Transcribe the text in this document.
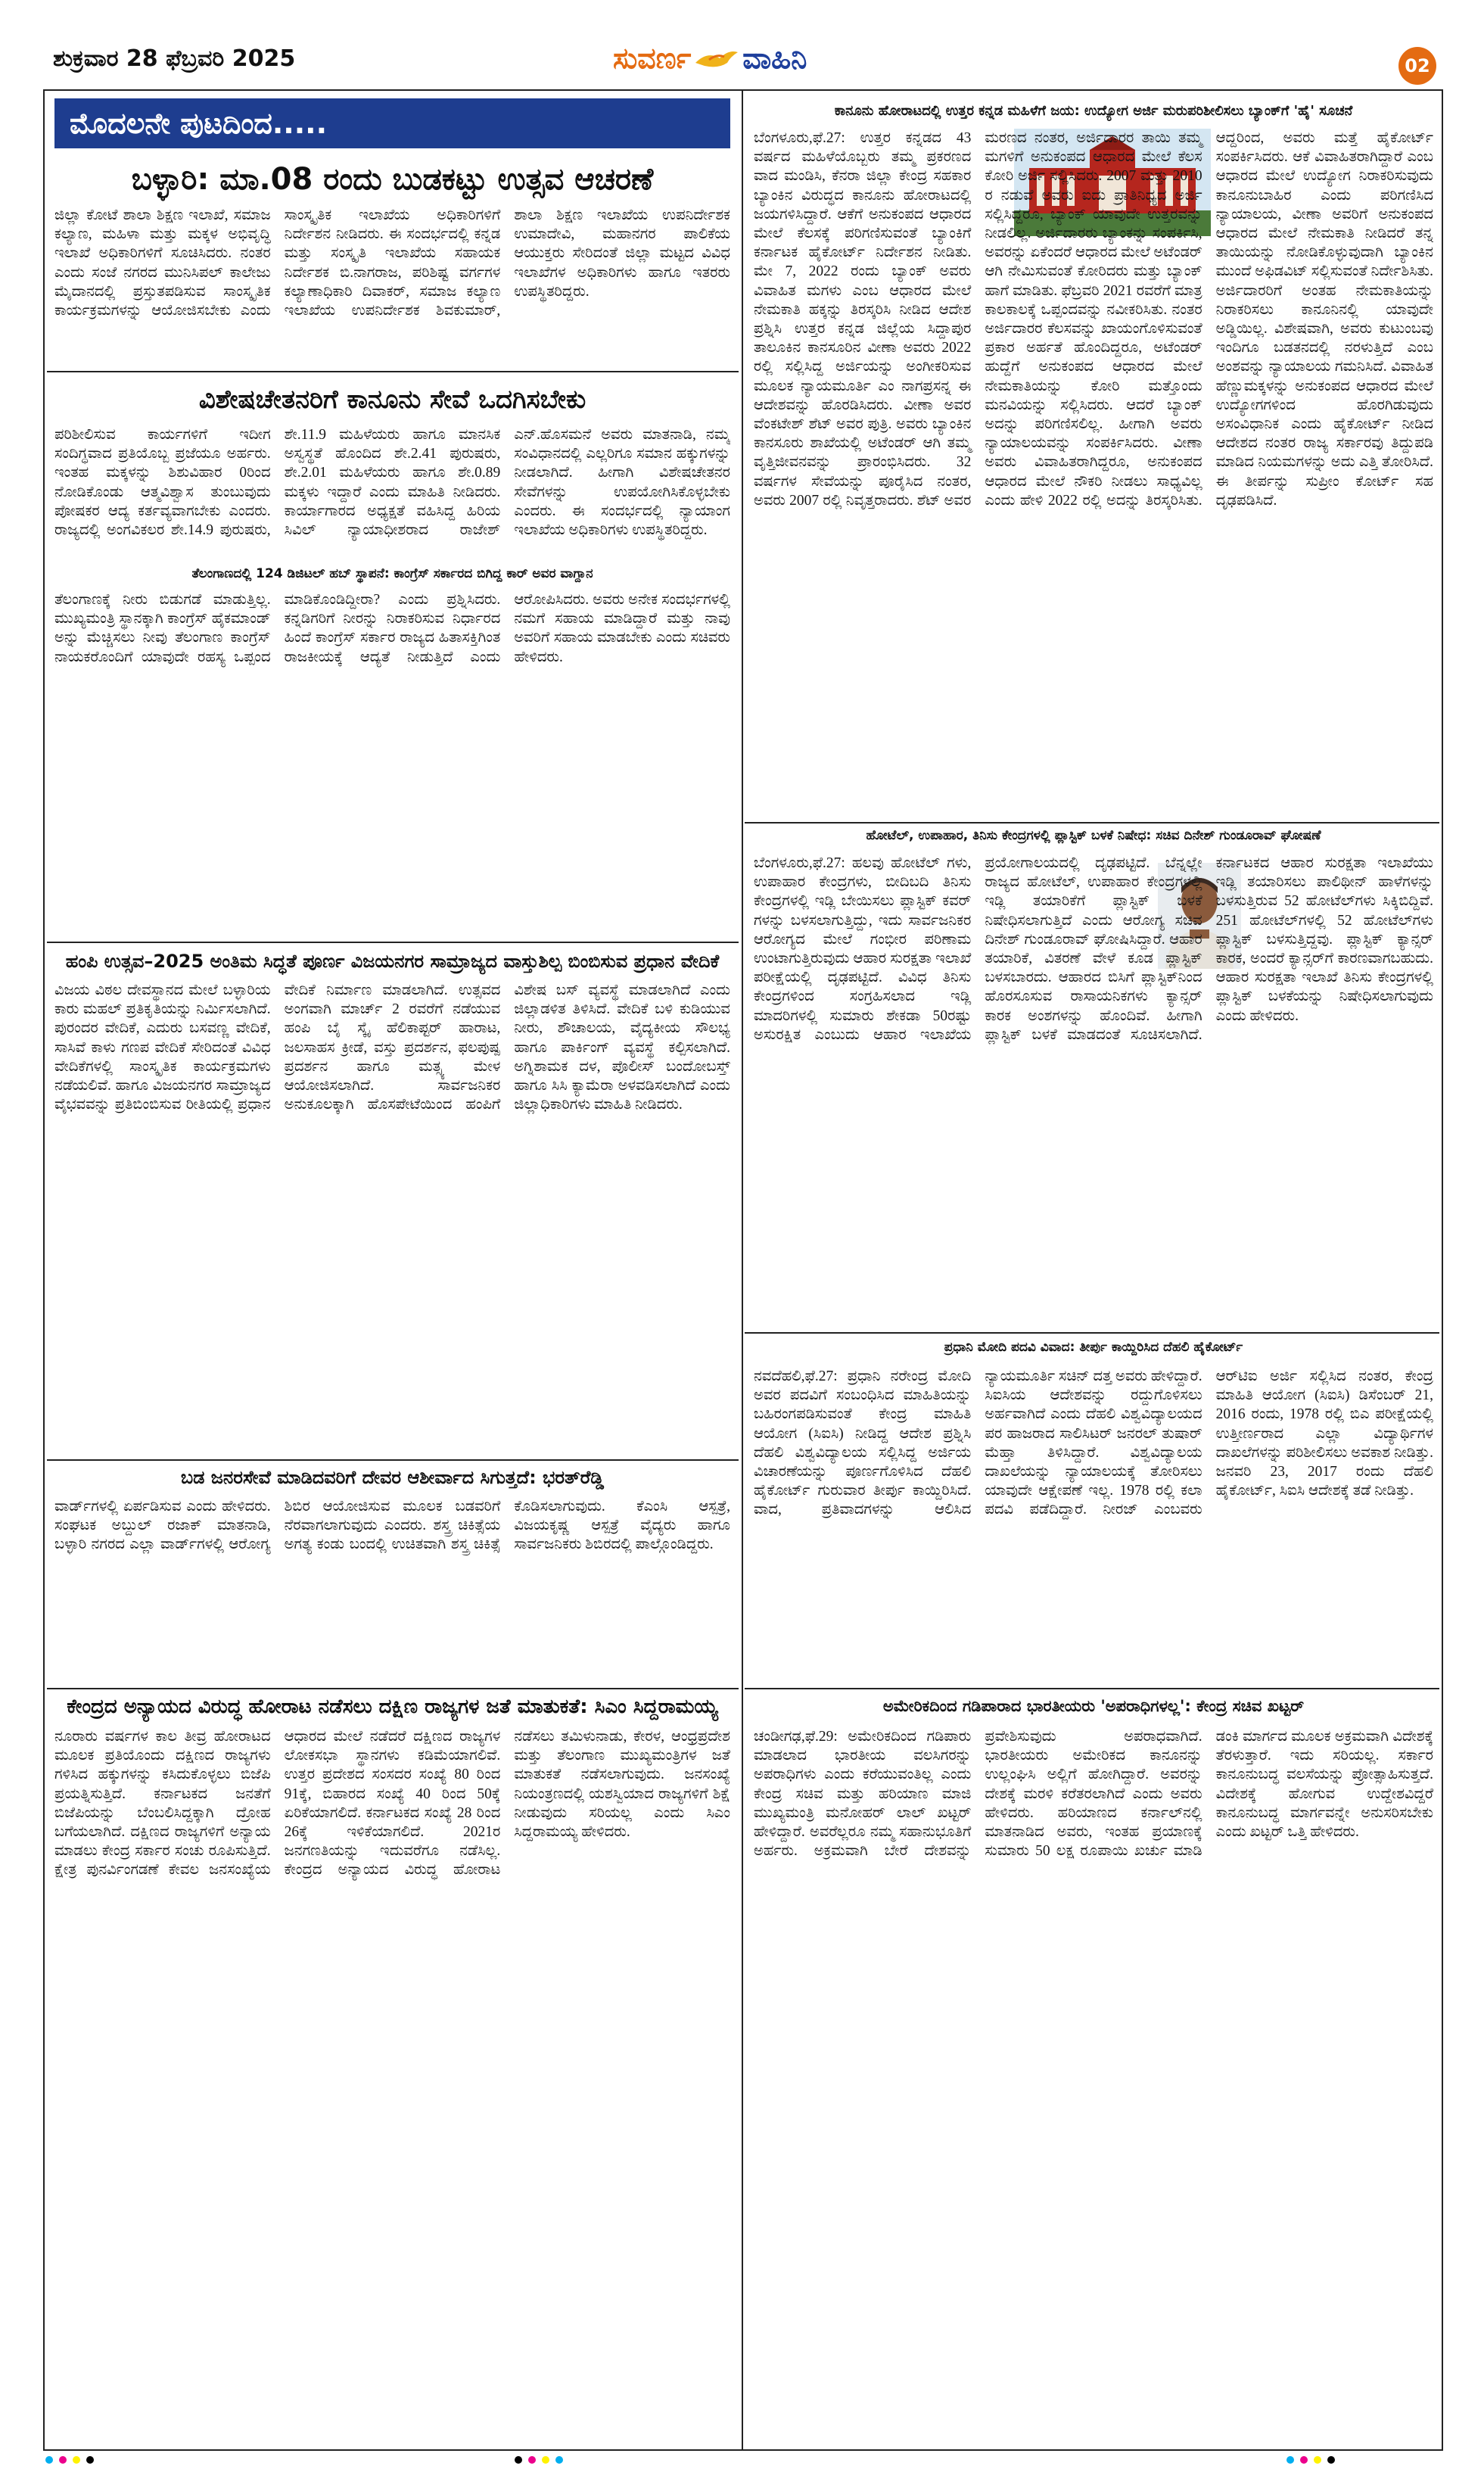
ಶುಕ್ರವಾರ 28 ಫೆಬ್ರವರಿ 2025	ಸುವರ್ಣ ವಾಹಿನಿ	02
ಮೊದಲನೇ ಪುಟದಿಂದ.....
ಬಳ್ಳಾರಿ: ಮಾ.08 ರಂದು ಬುಡಕಟ್ಟು ಉತ್ಸವ ಆಚರಣೆ
ಜಿಲ್ಲಾ ಕೋಟೆ ಶಾಲಾ ಶಿಕ್ಷಣ ಇಲಾಖೆ, ಸಮಾಜ ಕಲ್ಯಾಣ, ಮಹಿಳಾ ಮತ್ತು ಮಕ್ಕಳ ಅಭಿವೃದ್ಧಿ ಇಲಾಖೆ ಅಧಿಕಾರಿಗಳಿಗೆ ಸೂಚಿಸಿದರು. ನಂತರ ಎಂದು ಸಂಜೆ ನಗರದ ಮುನಿಸಿಪಲ್ ಕಾಲೇಜು ಮೈದಾನದಲ್ಲಿ ಪ್ರಸ್ತುತಪಡಿಸುವ ಸಾಂಸ್ಕೃತಿಕ ಕಾರ್ಯಕ್ರಮಗಳನ್ನು ಆಯೋಜಿಸಬೇಕು ಎಂದು ಸಾಂಸ್ಕೃತಿಕ ಇಲಾಖೆಯ ಅಧಿಕಾರಿಗಳಿಗೆ ನಿರ್ದೇಶನ ನೀಡಿದರು. ಈ ಸಂದರ್ಭದಲ್ಲಿ ಕನ್ನಡ ಮತ್ತು ಸಂಸ್ಕೃತಿ ಇಲಾಖೆಯ ಸಹಾಯಕ ನಿರ್ದೇಶಕ ಬಿ.ನಾಗರಾಜ, ಪರಿಶಿಷ್ಟ ವರ್ಗಗಳ ಕಲ್ಯಾಣಾಧಿಕಾರಿ ದಿವಾಕರ್, ಸಮಾಜ ಕಲ್ಯಾಣ ಇಲಾಖೆಯ ಉಪನಿರ್ದೇಶಕ ಶಿವಕುಮಾರ್, ಶಾಲಾ ಶಿಕ್ಷಣ ಇಲಾಖೆಯ ಉಪನಿರ್ದೇಶಕ ಉಮಾದೇವಿ, ಮಹಾನಗರ ಪಾಲಿಕೆಯ ಆಯುಕ್ತರು ಸೇರಿದಂತೆ ಜಿಲ್ಲಾ ಮಟ್ಟದ ವಿವಿಧ ಇಲಾಖೆಗಳ ಅಧಿಕಾರಿಗಳು ಹಾಗೂ ಇತರರು ಉಪಸ್ಥಿತರಿದ್ದರು.
ವಿಶೇಷಚೇತನರಿಗೆ ಕಾನೂನು ಸೇವೆ ಒದಗಿಸಬೇಕು
ಪರಿಶೀಲಿಸುವ ಕಾರ್ಯಗಳಿಗೆ ಇದೀಗ ಸಂದಿಗ್ಧವಾದ ಪ್ರತಿಯೊಬ್ಬ ಪ್ರಜೆಯೂ ಅರ್ಹರು. ಇಂತಹ ಮಕ್ಕಳನ್ನು ಶಿಶುವಿಹಾರ 0ರಿಂದ ನೋಡಿಕೊಂಡು ಆತ್ಮವಿಶ್ವಾಸ ತುಂಬುವುದು ಪೋಷಕರ ಆದ್ಯ ಕರ್ತವ್ಯವಾಗಬೇಕು ಎಂದರು. ರಾಜ್ಯದಲ್ಲಿ ಅಂಗವಿಕಲರ ಶೇ.14.9 ಪುರುಷರು, ಶೇ.11.9 ಮಹಿಳೆಯರು ಹಾಗೂ ಮಾನಸಿಕ ಅಸ್ವಸ್ಥತೆ ಹೊಂದಿದ ಶೇ.2.41 ಪುರುಷರು, ಶೇ.2.01 ಮಹಿಳೆಯರು ಹಾಗೂ ಶೇ.0.89 ಮಕ್ಕಳು ಇದ್ದಾರೆ ಎಂದು ಮಾಹಿತಿ ನೀಡಿದರು. ಕಾರ್ಯಾಗಾರದ ಅಧ್ಯಕ್ಷತೆ ವಹಿಸಿದ್ದ ಹಿರಿಯ ಸಿವಿಲ್ ನ್ಯಾಯಾಧೀಶರಾದ ರಾಜೇಶ್ ಎನ್.ಹೊಸಮನೆ ಅವರು ಮಾತನಾಡಿ, ನಮ್ಮ ಸಂವಿಧಾನದಲ್ಲಿ ಎಲ್ಲರಿಗೂ ಸಮಾನ ಹಕ್ಕುಗಳನ್ನು ನೀಡಲಾಗಿದೆ. ಹೀಗಾಗಿ ವಿಶೇಷಚೇತನರ ಸೇವೆಗಳನ್ನು ಉಪಯೋಗಿಸಿಕೊಳ್ಳಬೇಕು ಎಂದರು. ಈ ಸಂದರ್ಭದಲ್ಲಿ ನ್ಯಾಯಾಂಗ ಇಲಾಖೆಯ ಅಧಿಕಾರಿಗಳು ಉಪಸ್ಥಿತರಿದ್ದರು.
ತೆಲಂಗಾಣದಲ್ಲಿ 124 ಡಿಜಿಟಲ್ ಹಬ್ ಸ್ಥಾಪನೆ: ಕಾಂಗ್ರೆಸ್ ಸರ್ಕಾರದ ಬಿಗಿದ್ದ ಕಾರ್ ಅವರ ವಾಗ್ದಾನ
ತೆಲಂಗಾಣಕ್ಕೆ ನೀರು ಬಿಡುಗಡೆ ಮಾಡುತ್ತಿಲ್ಲ. ಮುಖ್ಯಮಂತ್ರಿ ಸ್ಥಾನಕ್ಕಾಗಿ ಕಾಂಗ್ರೆಸ್ ಹೈಕಮಾಂಡ್ ಅನ್ನು ಮೆಚ್ಚಿಸಲು ನೀವು ತೆಲಂಗಾಣ ಕಾಂಗ್ರೆಸ್ ನಾಯಕರೊಂದಿಗೆ ಯಾವುದೇ ರಹಸ್ಯ ಒಪ್ಪಂದ ಮಾಡಿಕೊಂಡಿದ್ದೀರಾ? ಎಂದು ಪ್ರಶ್ನಿಸಿದರು. ಕನ್ನಡಿಗರಿಗೆ ನೀರನ್ನು ನಿರಾಕರಿಸುವ ನಿರ್ಧಾರದ ಹಿಂದೆ ಕಾಂಗ್ರೆಸ್ ಸರ್ಕಾರ ರಾಜ್ಯದ ಹಿತಾಸಕ್ತಿಗಿಂತ ರಾಜಕೀಯಕ್ಕೆ ಆದ್ಯತೆ ನೀಡುತ್ತಿದೆ ಎಂದು ಆರೋಪಿಸಿದರು. ಅವರು ಅನೇಕ ಸಂದರ್ಭಗಳಲ್ಲಿ ನಮಗೆ ಸಹಾಯ ಮಾಡಿದ್ದಾರೆ ಮತ್ತು ನಾವು ಅವರಿಗೆ ಸಹಾಯ ಮಾಡಬೇಕು ಎಂದು ಸಚಿವರು ಹೇಳಿದರು.
ಹಂಪಿ ಉತ್ಸವ–2025 ಅಂತಿಮ ಸಿದ್ಧತೆ ಪೂರ್ಣ ವಿಜಯನಗರ ಸಾಮ್ರಾಜ್ಯದ ವಾಸ್ತುಶಿಲ್ಪ ಬಿಂಬಿಸುವ ಪ್ರಧಾನ ವೇದಿಕೆ
ವಿಜಯ ವಿಠಲ ದೇವಸ್ಥಾನದ ಮೇಲೆ ಬಳ್ಳಾರಿಯ ಕಾರು ಮಹಲ್ ಪ್ರತಿಕೃತಿಯನ್ನು ನಿರ್ಮಿಸಲಾಗಿದೆ. ಪುರಂದರ ವೇದಿಕೆ, ಎದುರು ಬಸವಣ್ಣ ವೇದಿಕೆ, ಸಾಸಿವೆ ಕಾಳು ಗಣಪ ವೇದಿಕೆ ಸೇರಿದಂತೆ ವಿವಿಧ ವೇದಿಕೆಗಳಲ್ಲಿ ಸಾಂಸ್ಕೃತಿಕ ಕಾರ್ಯಕ್ರಮಗಳು ನಡೆಯಲಿವೆ. ಹಾಗೂ ವಿಜಯನಗರ ಸಾಮ್ರಾಜ್ಯದ ವೈಭವವನ್ನು ಪ್ರತಿಬಿಂಬಿಸುವ ರೀತಿಯಲ್ಲಿ ಪ್ರಧಾನ ವೇದಿಕೆ ನಿರ್ಮಾಣ ಮಾಡಲಾಗಿದೆ. ಉತ್ಸವದ ಅಂಗವಾಗಿ ಮಾರ್ಚ್ 2 ರವರೆಗೆ ನಡೆಯುವ ಹಂಪಿ ಬೈ ಸ್ಕೈ ಹೆಲಿಕಾಪ್ಟರ್ ಹಾರಾಟ, ಜಲಸಾಹಸ ಕ್ರೀಡೆ, ವಸ್ತು ಪ್ರದರ್ಶನ, ಫಲಪುಷ್ಪ ಪ್ರದರ್ಶನ ಹಾಗೂ ಮತ್ಸ್ಯ ಮೇಳ ಆಯೋಜಿಸಲಾಗಿದೆ. ಸಾರ್ವಜನಿಕರ ಅನುಕೂಲಕ್ಕಾಗಿ ಹೊಸಪೇಟೆಯಿಂದ ಹಂಪಿಗೆ ವಿಶೇಷ ಬಸ್ ವ್ಯವಸ್ಥೆ ಮಾಡಲಾಗಿದೆ ಎಂದು ಜಿಲ್ಲಾಡಳಿತ ತಿಳಿಸಿದೆ. ವೇದಿಕೆ ಬಳಿ ಕುಡಿಯುವ ನೀರು, ಶೌಚಾಲಯ, ವೈದ್ಯಕೀಯ ಸೌಲಭ್ಯ ಹಾಗೂ ಪಾರ್ಕಿಂಗ್ ವ್ಯವಸ್ಥೆ ಕಲ್ಪಿಸಲಾಗಿದೆ. ಅಗ್ನಿಶಾಮಕ ದಳ, ಪೊಲೀಸ್ ಬಂದೋಬಸ್ತ್ ಹಾಗೂ ಸಿಸಿ ಕ್ಯಾಮೆರಾ ಅಳವಡಿಸಲಾಗಿದೆ ಎಂದು ಜಿಲ್ಲಾಧಿಕಾರಿಗಳು ಮಾಹಿತಿ ನೀಡಿದರು.
ಬಡ ಜನರಸೇವೆ ಮಾಡಿದವರಿಗೆ ದೇವರ ಆಶೀರ್ವಾದ ಸಿಗುತ್ತದೆ: ಭರತ್‌ರೆಡ್ಡಿ
ವಾರ್ಡ್‌ಗಳಲ್ಲಿ ಏರ್ಪಡಿಸುವ ಎಂದು ಹೇಳಿದರು. ಸಂಘಟಕ ಅಬ್ದುಲ್ ರಜಾಕ್ ಮಾತನಾಡಿ, ಬಳ್ಳಾರಿ ನಗರದ ಎಲ್ಲಾ ವಾರ್ಡ್‌ಗಳಲ್ಲಿ ಆರೋಗ್ಯ ಶಿಬಿರ ಆಯೋಜಿಸುವ ಮೂಲಕ ಬಡವರಿಗೆ ನೆರವಾಗಲಾಗುವುದು ಎಂದರು. ಶಸ್ತ್ರ ಚಿಕಿತ್ಸೆಯ ಅಗತ್ಯ ಕಂಡು ಬಂದಲ್ಲಿ ಉಚಿತವಾಗಿ ಶಸ್ತ್ರ ಚಿಕಿತ್ಸೆ ಕೊಡಿಸಲಾಗುವುದು. ಕೆಎಂಸಿ ಆಸ್ಪತ್ರೆ, ವಿಜಯಕೃಷ್ಣ ಆಸ್ಪತ್ರೆ ವೈದ್ಯರು ಹಾಗೂ ಸಾರ್ವಜನಿಕರು ಶಿಬಿರದಲ್ಲಿ ಪಾಲ್ಗೊಂಡಿದ್ದರು.
ಕೇಂದ್ರದ ಅನ್ಯಾಯದ ವಿರುದ್ಧ ಹೋರಾಟ ನಡೆಸಲು ದಕ್ಷಿಣ ರಾಜ್ಯಗಳ ಜತೆ ಮಾತುಕತೆ: ಸಿಎಂ ಸಿದ್ದರಾಮಯ್ಯ
ನೂರಾರು ವರ್ಷಗಳ ಕಾಲ ತೀವ್ರ ಹೋರಾಟದ ಮೂಲಕ ಪ್ರತಿಯೊಂದು ದಕ್ಷಿಣದ ರಾಜ್ಯಗಳು ಗಳಿಸಿದ ಹಕ್ಕುಗಳನ್ನು ಕಸಿದುಕೊಳ್ಳಲು ಬಿಜೆಪಿ ಪ್ರಯತ್ನಿಸುತ್ತಿದೆ. ಕರ್ನಾಟಕದ ಜನತೆಗೆ ಬಿಜೆಪಿಯನ್ನು ಬೆಂಬಲಿಸಿದ್ದಕ್ಕಾಗಿ ದ್ರೋಹ ಬಗೆಯಲಾಗಿದೆ. ದಕ್ಷಿಣದ ರಾಜ್ಯಗಳಿಗೆ ಅನ್ಯಾಯ ಮಾಡಲು ಕೇಂದ್ರ ಸರ್ಕಾರ ಸಂಚು ರೂಪಿಸುತ್ತಿದೆ. ಕ್ಷೇತ್ರ ಪುನರ್ವಿಂಗಡಣೆ ಕೇವಲ ಜನಸಂಖ್ಯೆಯ ಆಧಾರದ ಮೇಲೆ ನಡೆದರೆ ದಕ್ಷಿಣದ ರಾಜ್ಯಗಳ ಲೋಕಸಭಾ ಸ್ಥಾನಗಳು ಕಡಿಮೆಯಾಗಲಿವೆ. ಉತ್ತರ ಪ್ರದೇಶದ ಸಂಸದರ ಸಂಖ್ಯೆ 80 ರಿಂದ 91ಕ್ಕೆ, ಬಿಹಾರದ ಸಂಖ್ಯೆ 40 ರಿಂದ 50ಕ್ಕೆ ಏರಿಕೆಯಾಗಲಿದೆ. ಕರ್ನಾಟಕದ ಸಂಖ್ಯೆ 28 ರಿಂದ 26ಕ್ಕೆ ಇಳಿಕೆಯಾಗಲಿದೆ. 2021ರ ಜನಗಣತಿಯನ್ನು ಇದುವರೆಗೂ ನಡೆಸಿಲ್ಲ. ಕೇಂದ್ರದ ಅನ್ಯಾಯದ ವಿರುದ್ಧ ಹೋರಾಟ ನಡೆಸಲು ತಮಿಳುನಾಡು, ಕೇರಳ, ಆಂಧ್ರಪ್ರದೇಶ ಮತ್ತು ತೆಲಂಗಾಣ ಮುಖ್ಯಮಂತ್ರಿಗಳ ಜತೆ ಮಾತುಕತೆ ನಡೆಸಲಾಗುವುದು. ಜನಸಂಖ್ಯೆ ನಿಯಂತ್ರಣದಲ್ಲಿ ಯಶಸ್ವಿಯಾದ ರಾಜ್ಯಗಳಿಗೆ ಶಿಕ್ಷೆ ನೀಡುವುದು ಸರಿಯಲ್ಲ ಎಂದು ಸಿಎಂ ಸಿದ್ದರಾಮಯ್ಯ ಹೇಳಿದರು.
ಕಾನೂನು ಹೋರಾಟದಲ್ಲಿ ಉತ್ತರ ಕನ್ನಡ ಮಹಿಳೆಗೆ ಜಯ: ಉದ್ಯೋಗ ಅರ್ಜಿ ಮರುಪರಿಶೀಲಿಸಲು ಬ್ಯಾಂಕ್‌ಗೆ 'ಹೈ' ಸೂಚನೆ
ಬೆಂಗಳೂರು,ಫೆ.27: ಉತ್ತರ ಕನ್ನಡದ 43 ವರ್ಷದ ಮಹಿಳೆಯೊಬ್ಬರು ತಮ್ಮ ಪ್ರಕರಣದ ವಾದ ಮಂಡಿಸಿ, ಕೆನರಾ ಜಿಲ್ಲಾ ಕೇಂದ್ರ ಸಹಕಾರ ಬ್ಯಾಂಕಿನ ವಿರುದ್ಧದ ಕಾನೂನು ಹೋರಾಟದಲ್ಲಿ ಜಯಗಳಿಸಿದ್ದಾರೆ. ಆಕೆಗೆ ಅನುಕಂಪದ ಆಧಾರದ ಮೇಲೆ ಕೆಲಸಕ್ಕೆ ಪರಿಗಣಿಸುವಂತೆ ಬ್ಯಾಂಕಿಗೆ ಕರ್ನಾಟಕ ಹೈಕೋರ್ಟ್ ನಿರ್ದೇಶನ ನೀಡಿತು. ಮೇ 7, 2022 ರಂದು ಬ್ಯಾಂಕ್ ಅವರು ವಿವಾಹಿತ ಮಗಳು ಎಂಬ ಆಧಾರದ ಮೇಲೆ ನೇಮಕಾತಿ ಹಕ್ಕನ್ನು ತಿರಸ್ಕರಿಸಿ ನೀಡಿದ ಆದೇಶ ಪ್ರಶ್ನಿಸಿ ಉತ್ತರ ಕನ್ನಡ ಜಿಲ್ಲೆಯ ಸಿದ್ದಾಪುರ ತಾಲೂಕಿನ ಕಾನಸೂರಿನ ವೀಣಾ ಅವರು 2022 ರಲ್ಲಿ ಸಲ್ಲಿಸಿದ್ದ ಅರ್ಜಿಯನ್ನು ಅಂಗೀಕರಿಸುವ ಮೂಲಕ ನ್ಯಾಯಮೂರ್ತಿ ಎಂ ನಾಗಪ್ರಸನ್ನ ಈ ಆದೇಶವನ್ನು ಹೊರಡಿಸಿದರು. ವೀಣಾ ಅವರ ವೆಂಕಟೇಶ್ ಶೆಟ್ ಅವರ ಪುತ್ರಿ. ಅವರು ಬ್ಯಾಂಕಿನ ಕಾನಸೂರು ಶಾಖೆಯಲ್ಲಿ ಅಟೆಂಡರ್ ಆಗಿ ತಮ್ಮ ವೃತ್ತಿಜೀವನವನ್ನು ಪ್ರಾರಂಭಿಸಿದರು. 32 ವರ್ಷಗಳ ಸೇವೆಯನ್ನು ಪೂರೈಸಿದ ನಂತರ, ಅವರು 2007 ರಲ್ಲಿ ನಿವೃತ್ತರಾದರು. ಶೆಟ್ ಅವರ ಮರಣದ ನಂತರ, ಅರ್ಜಿದಾರರ ತಾಯಿ ತಮ್ಮ ಮಗಳಿಗೆ ಅನುಕಂಪದ ಆಧಾರದ ಮೇಲೆ ಕೆಲಸ ಕೋರಿ ಅರ್ಜಿ ಸಲ್ಲಿಸಿದರು. 2007 ಮತ್ತು 2010 ರ ನಡುವೆ ಅವರು ಐದು ಪ್ರಾತಿನಿಧ್ಯದ ಅರ್ಜಿ ಸಲ್ಲಿಸಿದ್ದರೂ, ಬ್ಯಾಂಕ್ ಯಾವುದೇ ಉತ್ತರವನ್ನು ನೀಡಲಿಲ್ಲ. ಅರ್ಜಿದಾರರು ಬ್ಯಾಂಕನ್ನು ಸಂಪರ್ಕಿಸಿ, ಅವರನ್ನು ಏಕೆಂದರೆ ಆಧಾರದ ಮೇಲೆ ಅಟೆಂಡರ್ ಆಗಿ ನೇಮಿಸುವಂತೆ ಕೋರಿದರು ಮತ್ತು ಬ್ಯಾಂಕ್ ಹಾಗೆ ಮಾಡಿತು. ಫೆಬ್ರವರಿ 2021 ರವರೆಗೆ ಮಾತ್ರ ಕಾಲಕಾಲಕ್ಕೆ ಒಪ್ಪಂದವನ್ನು ನವೀಕರಿಸಿತು. ನಂತರ ಅರ್ಜಿದಾರರ ಕೆಲಸವನ್ನು ಖಾಯಂಗೊಳಿಸುವಂತೆ ಪ್ರಕಾರ ಅರ್ಹತೆ ಹೊಂದಿದ್ದರೂ, ಅಟೆಂಡರ್ ಹುದ್ದೆಗೆ ಅನುಕಂಪದ ಆಧಾರದ ಮೇಲೆ ನೇಮಕಾತಿಯನ್ನು ಕೋರಿ ಮತ್ತೊಂದು ಮನವಿಯನ್ನು ಸಲ್ಲಿಸಿದರು. ಆದರೆ ಬ್ಯಾಂಕ್ ಅದನ್ನು ಪರಿಗಣಿಸಲಿಲ್ಲ. ಹೀಗಾಗಿ ಅವರು ನ್ಯಾಯಾಲಯವನ್ನು ಸಂಪರ್ಕಿಸಿದರು. ವೀಣಾ ಅವರು ವಿವಾಹಿತರಾಗಿದ್ದರೂ, ಅನುಕಂಪದ ಆಧಾರದ ಮೇಲೆ ನೌಕರಿ ನೀಡಲು ಸಾಧ್ಯವಿಲ್ಲ ಎಂದು ಹೇಳಿ 2022 ರಲ್ಲಿ ಅದನ್ನು ತಿರಸ್ಕರಿಸಿತು. ಆದ್ದರಿಂದ, ಅವರು ಮತ್ತೆ ಹೈಕೋರ್ಟ್ ಸಂಪರ್ಕಿಸಿದರು. ಆಕೆ ವಿವಾಹಿತರಾಗಿದ್ದಾರೆ ಎಂಬ ಆಧಾರದ ಮೇಲೆ ಉದ್ಯೋಗ ನಿರಾಕರಿಸುವುದು ಕಾನೂನುಬಾಹಿರ ಎಂದು ಪರಿಗಣಿಸಿದ ನ್ಯಾಯಾಲಯ, ವೀಣಾ ಅವರಿಗೆ ಅನುಕಂಪದ ಆಧಾರದ ಮೇಲೆ ನೇಮಕಾತಿ ನೀಡಿದರೆ ತನ್ನ ತಾಯಿಯನ್ನು ನೋಡಿಕೊಳ್ಳುವುದಾಗಿ ಬ್ಯಾಂಕಿನ ಮುಂದೆ ಅಫಿಡವಿಟ್ ಸಲ್ಲಿಸುವಂತೆ ನಿರ್ದೇಶಿಸಿತು. ಅರ್ಜಿದಾರರಿಗೆ ಅಂತಹ ನೇಮಕಾತಿಯನ್ನು ನಿರಾಕರಿಸಲು ಕಾನೂನಿನಲ್ಲಿ ಯಾವುದೇ ಅಡ್ಡಿಯಿಲ್ಲ. ವಿಶೇಷವಾಗಿ, ಅವರು ಕುಟುಂಬವು ಇಂದಿಗೂ ಬಡತನದಲ್ಲಿ ನರಳುತ್ತಿದೆ ಎಂಬ ಅಂಶವನ್ನು ನ್ಯಾಯಾಲಯ ಗಮನಿಸಿದೆ. ವಿವಾಹಿತ ಹೆಣ್ಣುಮಕ್ಕಳನ್ನು ಅನುಕಂಪದ ಆಧಾರದ ಮೇಲೆ ಉದ್ಯೋಗಗಳಿಂದ ಹೊರಗಿಡುವುದು ಅಸಂವಿಧಾನಿಕ ಎಂದು ಹೈಕೋರ್ಟ್ ನೀಡಿದ ಆದೇಶದ ನಂತರ ರಾಜ್ಯ ಸರ್ಕಾರವು ತಿದ್ದುಪಡಿ ಮಾಡಿದ ನಿಯಮಗಳನ್ನು ಅದು ಎತ್ತಿ ತೋರಿಸಿದೆ. ಈ ತೀರ್ಪನ್ನು ಸುಪ್ರೀಂ ಕೋರ್ಟ್ ಸಹ ದೃಢಪಡಿಸಿದೆ.
ಹೋಟೆಲ್, ಉಪಾಹಾರ, ತಿನಿಸು ಕೇಂದ್ರಗಳಲ್ಲಿ ಪ್ಲಾಸ್ಟಿಕ್ ಬಳಕೆ ನಿಷೇಧ: ಸಚಿವ ದಿನೇಶ್ ಗುಂಡೂರಾವ್ ಘೋಷಣೆ
ಬೆಂಗಳೂರು,ಫೆ.27: ಹಲವು ಹೋಟೆಲ್ ಗಳು, ಉಪಾಹಾರ ಕೇಂದ್ರಗಳು, ಬೀದಿಬದಿ ತಿನಿಸು ಕೇಂದ್ರಗಳಲ್ಲಿ ಇಡ್ಲಿ ಬೇಯಿಸಲು ಪ್ಲಾಸ್ಟಿಕ್ ಕವರ್ ಗಳನ್ನು ಬಳಸಲಾಗುತ್ತಿದ್ದು, ಇದು ಸಾರ್ವಜನಿಕರ ಆರೋಗ್ಯದ ಮೇಲೆ ಗಂಭೀರ ಪರಿಣಾಮ ಉಂಟಾಗುತ್ತಿರುವುದು ಆಹಾರ ಸುರಕ್ಷತಾ ಇಲಾಖೆ ಪರೀಕ್ಷೆಯಲ್ಲಿ ದೃಢಪಟ್ಟಿದೆ. ವಿವಿಧ ತಿನಿಸು ಕೇಂದ್ರಗಳಿಂದ ಸಂಗ್ರಹಿಸಲಾದ ಇಡ್ಲಿ ಮಾದರಿಗಳಲ್ಲಿ ಸುಮಾರು ಶೇಕಡಾ 50ರಷ್ಟು ಅಸುರಕ್ಷಿತ ಎಂಬುದು ಆಹಾರ ಇಲಾಖೆಯ ಪ್ರಯೋಗಾಲಯದಲ್ಲಿ ದೃಢಪಟ್ಟಿದೆ. ಬೆನ್ನಲ್ಲೇ ರಾಜ್ಯದ ಹೋಟೆಲ್, ಉಪಾಹಾರ ಕೇಂದ್ರಗಳಲ್ಲಿ ಇಡ್ಲಿ ತಯಾರಿಕೆಗೆ ಪ್ಲಾಸ್ಟಿಕ್ ಬಳಕೆ ನಿಷೇಧಿಸಲಾಗುತ್ತಿದೆ ಎಂದು ಆರೋಗ್ಯ ಸಚಿವ ದಿನೇಶ್ ಗುಂಡೂರಾವ್ ಘೋಷಿಸಿದ್ದಾರೆ. ಆಹಾರ ತಯಾರಿಕೆ, ವಿತರಣೆ ವೇಳೆ ಕೂಡ ಪ್ಲಾಸ್ಟಿಕ್ ಬಳಸಬಾರದು. ಆಹಾರದ ಬಿಸಿಗೆ ಪ್ಲಾಸ್ಟಿಕ್‌ನಿಂದ ಹೊರಸೂಸುವ ರಾಸಾಯನಿಕಗಳು ಕ್ಯಾನ್ಸರ್ ಕಾರಕ ಅಂಶಗಳನ್ನು ಹೊಂದಿವೆ. ಹೀಗಾಗಿ ಪ್ಲಾಸ್ಟಿಕ್ ಬಳಕೆ ಮಾಡದಂತೆ ಸೂಚಿಸಲಾಗಿದೆ. ಕರ್ನಾಟಕದ ಆಹಾರ ಸುರಕ್ಷತಾ ಇಲಾಖೆಯು ಇಡ್ಲಿ ತಯಾರಿಸಲು ಪಾಲಿಥೀನ್ ಹಾಳೆಗಳನ್ನು ಬಳಸುತ್ತಿರುವ 52 ಹೋಟೆಲ್‌ಗಳು ಸಿಕ್ಕಿಬಿದ್ದಿವೆ. 251 ಹೋಟೆಲ್‌ಗಳಲ್ಲಿ 52 ಹೋಟೆಲ್‌ಗಳು ಪ್ಲಾಸ್ಟಿಕ್ ಬಳಸುತ್ತಿದ್ದವು. ಪ್ಲಾಸ್ಟಿಕ್ ಕ್ಯಾನ್ಸರ್ ಕಾರಕ, ಅಂದರೆ ಕ್ಯಾನ್ಸರ್‌ಗೆ ಕಾರಣವಾಗಬಹುದು. ಆಹಾರ ಸುರಕ್ಷತಾ ಇಲಾಖೆ ತಿನಿಸು ಕೇಂದ್ರಗಳಲ್ಲಿ ಪ್ಲಾಸ್ಟಿಕ್ ಬಳಕೆಯನ್ನು ನಿಷೇಧಿಸಲಾಗುವುದು ಎಂದು ಹೇಳಿದರು.
ಪ್ರಧಾನಿ ಮೋದಿ ಪದವಿ ವಿವಾದ: ತೀರ್ಪು ಕಾಯ್ದಿರಿಸಿದ ದೆಹಲಿ ಹೈಕೋರ್ಟ್
ನವದೆಹಲಿ,ಫೆ.27: ಪ್ರಧಾನಿ ನರೇಂದ್ರ ಮೋದಿ ಅವರ ಪದವಿಗೆ ಸಂಬಂಧಿಸಿದ ಮಾಹಿತಿಯನ್ನು ಬಹಿರಂಗಪಡಿಸುವಂತೆ ಕೇಂದ್ರ ಮಾಹಿತಿ ಆಯೋಗ (ಸಿಐಸಿ) ನೀಡಿದ್ದ ಆದೇಶ ಪ್ರಶ್ನಿಸಿ ದೆಹಲಿ ವಿಶ್ವವಿದ್ಯಾಲಯ ಸಲ್ಲಿಸಿದ್ದ ಅರ್ಜಿಯ ವಿಚಾರಣೆಯನ್ನು ಪೂರ್ಣಗೊಳಿಸಿದ ದೆಹಲಿ ಹೈಕೋರ್ಟ್ ಗುರುವಾರ ತೀರ್ಪು ಕಾಯ್ದಿರಿಸಿದೆ. ವಾದ, ಪ್ರತಿವಾದಗಳನ್ನು ಆಲಿಸಿದ ನ್ಯಾಯಮೂರ್ತಿ ಸಚಿನ್ ದತ್ತ ಅವರು ಹೇಳಿದ್ದಾರೆ. ಸಿಐಸಿಯ ಆದೇಶವನ್ನು ರದ್ದುಗೊಳಿಸಲು ಅರ್ಹವಾಗಿದೆ ಎಂದು ದೆಹಲಿ ವಿಶ್ವವಿದ್ಯಾಲಯದ ಪರ ಹಾಜರಾದ ಸಾಲಿಸಿಟರ್ ಜನರಲ್ ತುಷಾರ್ ಮೆಹ್ತಾ ತಿಳಿಸಿದ್ದಾರೆ. ವಿಶ್ವವಿದ್ಯಾಲಯ ದಾಖಲೆಯನ್ನು ನ್ಯಾಯಾಲಯಕ್ಕೆ ತೋರಿಸಲು ಯಾವುದೇ ಆಕ್ಷೇಪಣೆ ಇಲ್ಲ. 1978 ರಲ್ಲಿ ಕಲಾ ಪದವಿ ಪಡೆದಿದ್ದಾರೆ. ನೀರಜ್ ಎಂಬವರು ಆರ್‌ಟಿಐ ಅರ್ಜಿ ಸಲ್ಲಿಸಿದ ನಂತರ, ಕೇಂದ್ರ ಮಾಹಿತಿ ಆಯೋಗ (ಸಿಐಸಿ) ಡಿಸೆಂಬರ್ 21, 2016 ರಂದು, 1978 ರಲ್ಲಿ ಬಿಎ ಪರೀಕ್ಷೆಯಲ್ಲಿ ಉತ್ತೀರ್ಣರಾದ ಎಲ್ಲಾ ವಿದ್ಯಾರ್ಥಿಗಳ ದಾಖಲೆಗಳನ್ನು ಪರಿಶೀಲಿಸಲು ಅವಕಾಶ ನೀಡಿತ್ತು. ಜನವರಿ 23, 2017 ರಂದು ದೆಹಲಿ ಹೈಕೋರ್ಟ್, ಸಿಐಸಿ ಆದೇಶಕ್ಕೆ ತಡೆ ನೀಡಿತ್ತು.
ಅಮೇರಿಕದಿಂದ ಗಡಿಪಾರಾದ ಭಾರತೀಯರು 'ಅಪರಾಧಿಗಳಲ್ಲ': ಕೇಂದ್ರ ಸಚಿವ ಖಟ್ಟರ್
ಚಂಡೀಗಢ,ಫೆ.29: ಅಮೇರಿಕದಿಂದ ಗಡಿಪಾರು ಮಾಡಲಾದ ಭಾರತೀಯ ವಲಸಿಗರನ್ನು ಅಪರಾಧಿಗಳು ಎಂದು ಕರೆಯುವಂತಿಲ್ಲ ಎಂದು ಕೇಂದ್ರ ಸಚಿವ ಮತ್ತು ಹರಿಯಾಣ ಮಾಜಿ ಮುಖ್ಯಮಂತ್ರಿ ಮನೋಹರ್ ಲಾಲ್ ಖಟ್ಟರ್ ಹೇಳಿದ್ದಾರೆ. ಅವರೆಲ್ಲರೂ ನಮ್ಮ ಸಹಾನುಭೂತಿಗೆ ಅರ್ಹರು. ಅಕ್ರಮವಾಗಿ ಬೇರೆ ದೇಶವನ್ನು ಪ್ರವೇಶಿಸುವುದು ಅಪರಾಧವಾಗಿದೆ. ಭಾರತೀಯರು ಅಮೇರಿಕದ ಕಾನೂನನ್ನು ಉಲ್ಲಂಘಿಸಿ ಅಲ್ಲಿಗೆ ಹೋಗಿದ್ದಾರೆ. ಅವರನ್ನು ದೇಶಕ್ಕೆ ಮರಳಿ ಕರೆತರಲಾಗಿದೆ ಎಂದು ಅವರು ಹೇಳಿದರು. ಹರಿಯಾಣದ ಕರ್ನಾಲ್‌ನಲ್ಲಿ ಮಾತನಾಡಿದ ಅವರು, ಇಂತಹ ಪ್ರಯಾಣಕ್ಕೆ ಸುಮಾರು 50 ಲಕ್ಷ ರೂಪಾಯಿ ಖರ್ಚು ಮಾಡಿ ಡಂಕಿ ಮಾರ್ಗದ ಮೂಲಕ ಅಕ್ರಮವಾಗಿ ವಿದೇಶಕ್ಕೆ ತೆರಳುತ್ತಾರೆ. ಇದು ಸರಿಯಲ್ಲ. ಸರ್ಕಾರ ಕಾನೂನುಬದ್ಧ ವಲಸೆಯನ್ನು ಪ್ರೋತ್ಸಾಹಿಸುತ್ತದೆ. ವಿದೇಶಕ್ಕೆ ಹೋಗುವ ಉದ್ದೇಶವಿದ್ದರೆ ಕಾನೂನುಬದ್ಧ ಮಾರ್ಗವನ್ನೇ ಅನುಸರಿಸಬೇಕು ಎಂದು ಖಟ್ಟರ್ ಒತ್ತಿ ಹೇಳಿದರು.
